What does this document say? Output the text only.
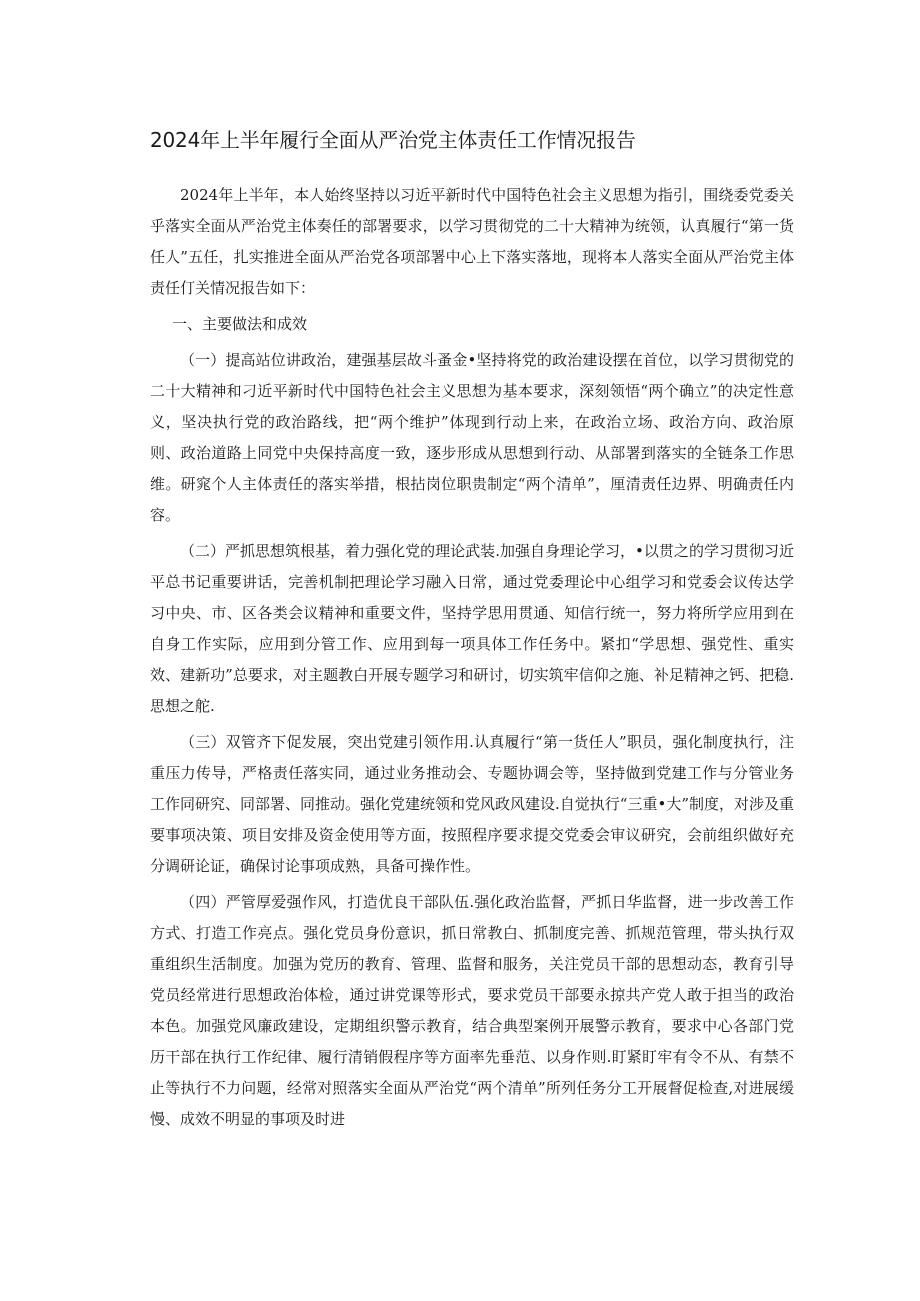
2024年上半年履行全面从严治党主体责任工作情况报告

2024年上半年，本人始终坚持以习近平新时代中国特色社会主义思想为指引，围绕委党委关乎落实全面从严治党主体奏任的部署要求，以学习贯彻党的二十大精神为统领，认真履行“第一货任人”五任，扎实推进全面从严治党各项部署中心上下落实落地，现将本人落实全面从严治党主体责任仃关情况报告如下：

一、主要做法和成效

（一）提高站位讲政治，建强基层故斗蚤金•坚持将党的政治建设摆在首位，以学习贯彻党的二十大精神和刁近平新时代中国特色社会主义思想为基本要求，深刻领悟“两个确立”的决定性意义，坚决执行党的政治路线，把“两个维护”体现到行动上来，在政治立场、政治方向、政治原则、政治道路上同党中央保持高度一致，逐步形成从思想到行动、从部署到落实的全链条工作思维。研窕个人主体责任的落实举措，根拈岗位职贵制定“两个清单”，厘清责任边界、明确责任内容。

（二）严抓思想筑根基，着力强化党的理论武装.加强自身理论学习，•以贯之的学习贯彻习近平总书记重要讲话，完善机制把理论学习融入日常，通过党委理论中心组学习和党委会议传达学习中央、市、区各类会议精神和重要文件，坚持学思用贯通、知信行统一，努力将所学应用到在自身工作实际，应用到分管工作、应用到每一项具体工作任务中。紧扣“学思想、强党性、重实效、建新功”总要求，对主题教白开展专题学习和研讨，切实筑牢信仰之施、补足精神之钙、把稳.思想之舵.

（三）双管齐下促发展，突出党建引领作用.认真履行“第一货任人”职员，强化制度执行，注重压力传导，严格责任落实同，通过业务推动会、专题协调会等，坚持做到党建工作与分管业务工作同研究、同部署、同推动。强化党建统领和党风政风建设.自觉执行“三重•大”制度，对涉及重要事项决策、项目安排及资金使用等方面，按照程序要求提交党委会审议研究，会前组织做好充分调研论证，确保讨论事项成熟，具备可操作性。

（四）严管厚爱强作风，打造优良干部队伍.强化政治监督，严抓日华监督，进一步改善工作方式、打造工作亮点。强化党员身份意识，抓日常教白、抓制度完善、抓规范管理，带头执行双重组织生活制度。加强为党历的教育、管理、监督和服务，关注党员干部的思想动态，教育引导党员经常进行思想政治体检，通过讲党课等形式，要求党员干部要永掠共产党人敢于担当的政治本色。加强党风廉政建设，定期组织警示教育，结合典型案例开展警示教育，要求中心各部门党历干部在执行工作纪律、履行清销假程序等方面率先垂范、以身作则.盯紧盯牢有令不从、有禁不止等执行不力问题，经常对照落实全面从严治党“两个清单”所列任务分工开展督促检查,对进展缓慢、成效不明显的事项及时进
